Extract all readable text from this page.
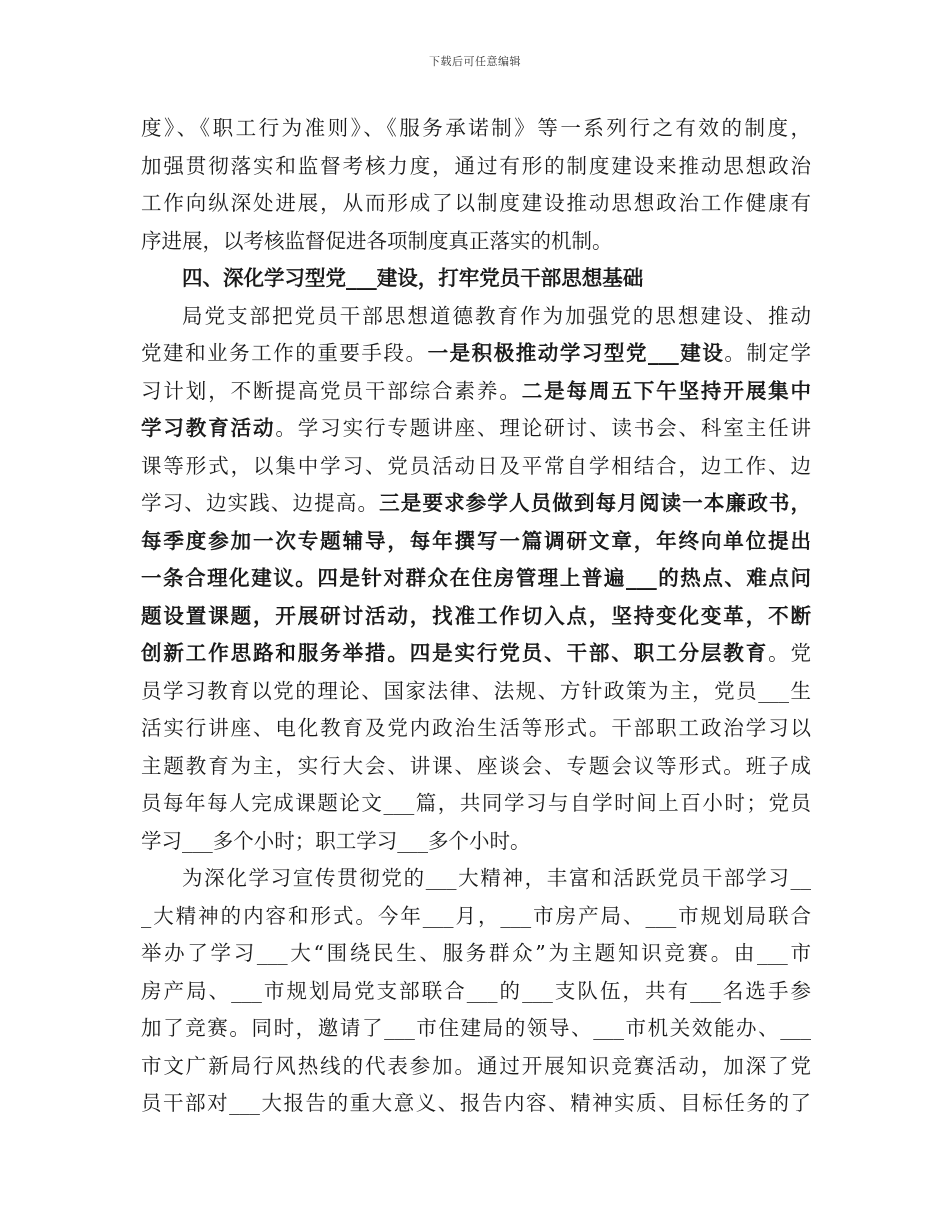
下载后可任意编辑
度》、《职工行为准则》、《服务承诺制》等一系列行之有效的制度，
加强贯彻落实和监督考核力度，通过有形的制度建设来推动思想政治
工作向纵深处进展，从而形成了以制度建设推动思想政治工作健康有
序进展，以考核监督促进各项制度真正落实的机制。
四、深化学习型党___建设，打牢党员干部思想基础
局党支部把党员干部思想道德教育作为加强党的思想建设、推动
党建和业务工作的重要手段。一是积极推动学习型党___建设。制定学
习计划，不断提高党员干部综合素养。二是每周五下午坚持开展集中
学习教育活动。学习实行专题讲座、理论研讨、读书会、科室主任讲
课等形式，以集中学习、党员活动日及平常自学相结合，边工作、边
学习、边实践、边提高。三是要求参学人员做到每月阅读一本廉政书，
每季度参加一次专题辅导，每年撰写一篇调研文章，年终向单位提出
一条合理化建议。四是针对群众在住房管理上普遍___的热点、难点问
题设置课题，开展研讨活动，找准工作切入点，坚持变化变革，不断
创新工作思路和服务举措。四是实行党员、干部、职工分层教育。党
员学习教育以党的理论、国家法律、法规、方针政策为主，党员___生
活实行讲座、电化教育及党内政治生活等形式。干部职工政治学习以
主题教育为主，实行大会、讲课、座谈会、专题会议等形式。班子成
员每年每人完成课题论文___篇，共同学习与自学时间上百小时；党员
学习___多个小时；职工学习___多个小时。
为深化学习宣传贯彻党的___大精神，丰富和活跃党员干部学习__
_大精神的内容和形式。今年___月，___市房产局、___市规划局联合
举办了学习___大“围绕民生、服务群众”为主题知识竞赛。由___市
房产局、___市规划局党支部联合___的___支队伍，共有___名选手参
加了竞赛。同时，邀请了___市住建局的领导、___市机关效能办、___
市文广新局行风热线的代表参加。通过开展知识竞赛活动，加深了党
员干部对___大报告的重大意义、报告内容、精神实质、目标任务的了
